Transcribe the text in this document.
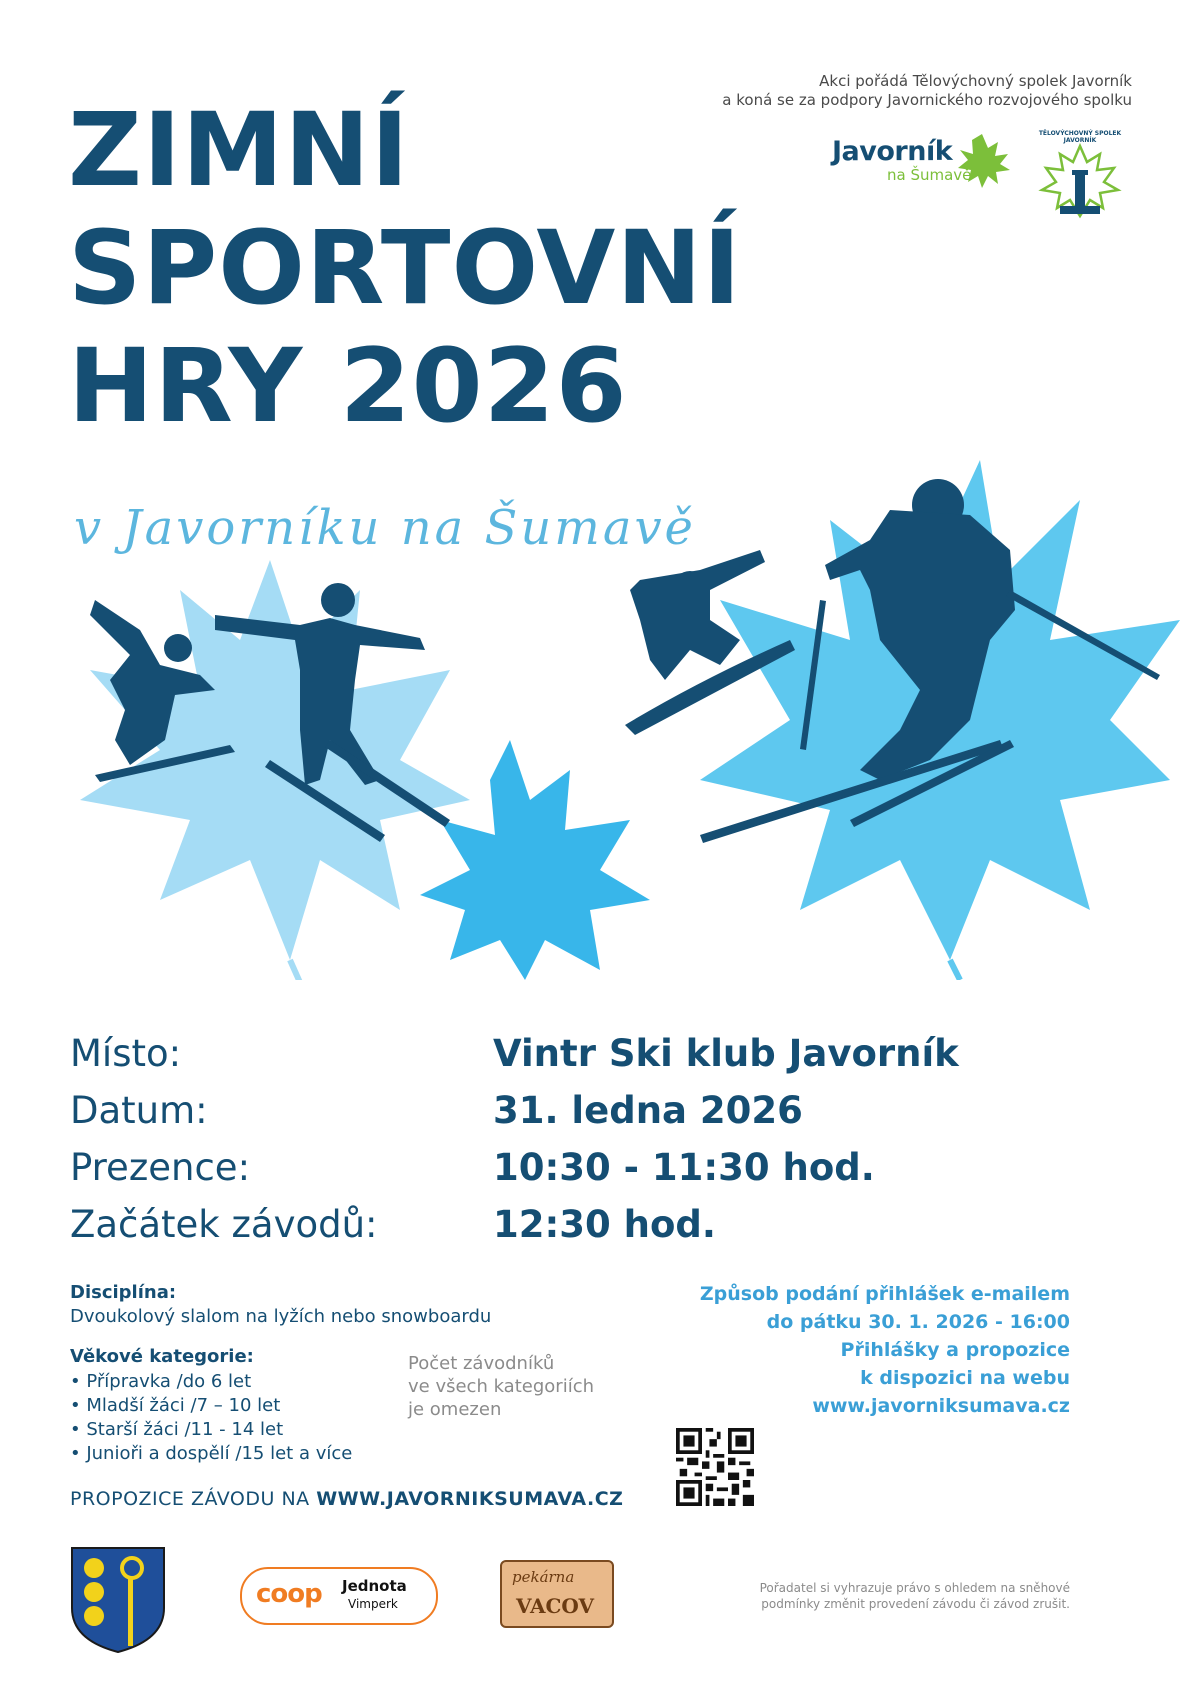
Akci pořádá Tělovýchovný spolek Javorník
a koná se za podpory Javornického rozvojového spolku
Javorník
na Šumavě
TĚLOVÝCHOVNÝ SPOLEK JAVORNÍK
ZIMNÍ
SPORTOVNÍ
HRY 2026
v Javorníku na Šumavě
Místo:	Vintr Ski klub Javorník
Datum:	31. ledna 2026
Prezence:	10:30 - 11:30 hod.
Začátek závodů:	12:30 hod.
Disciplína:
Dvoukolový slalom na lyžích nebo snowboardu
Věkové kategorie:
• Přípravka /do 6 let
• Mladší žáci /7 – 10 let
• Starší žáci /11 - 14 let
• Junioři a dospělí /15 let a více
Počet závodníků
ve všech kategoriích
je omezen
Způsob podání přihlášek e-mailem
do pátku 30. 1. 2026 - 16:00
Přihlášky a propozice
k dispozici na webu
www.javorniksumava.cz
PROPOZICE ZÁVODU NA WWW.JAVORNIKSUMAVA.CZ
coop Jednota
Vimperk
pekárna
VACOV
Pořadatel si vyhrazuje právo s ohledem na sněhové
podmínky změnit provedení závodu či závod zrušit.
